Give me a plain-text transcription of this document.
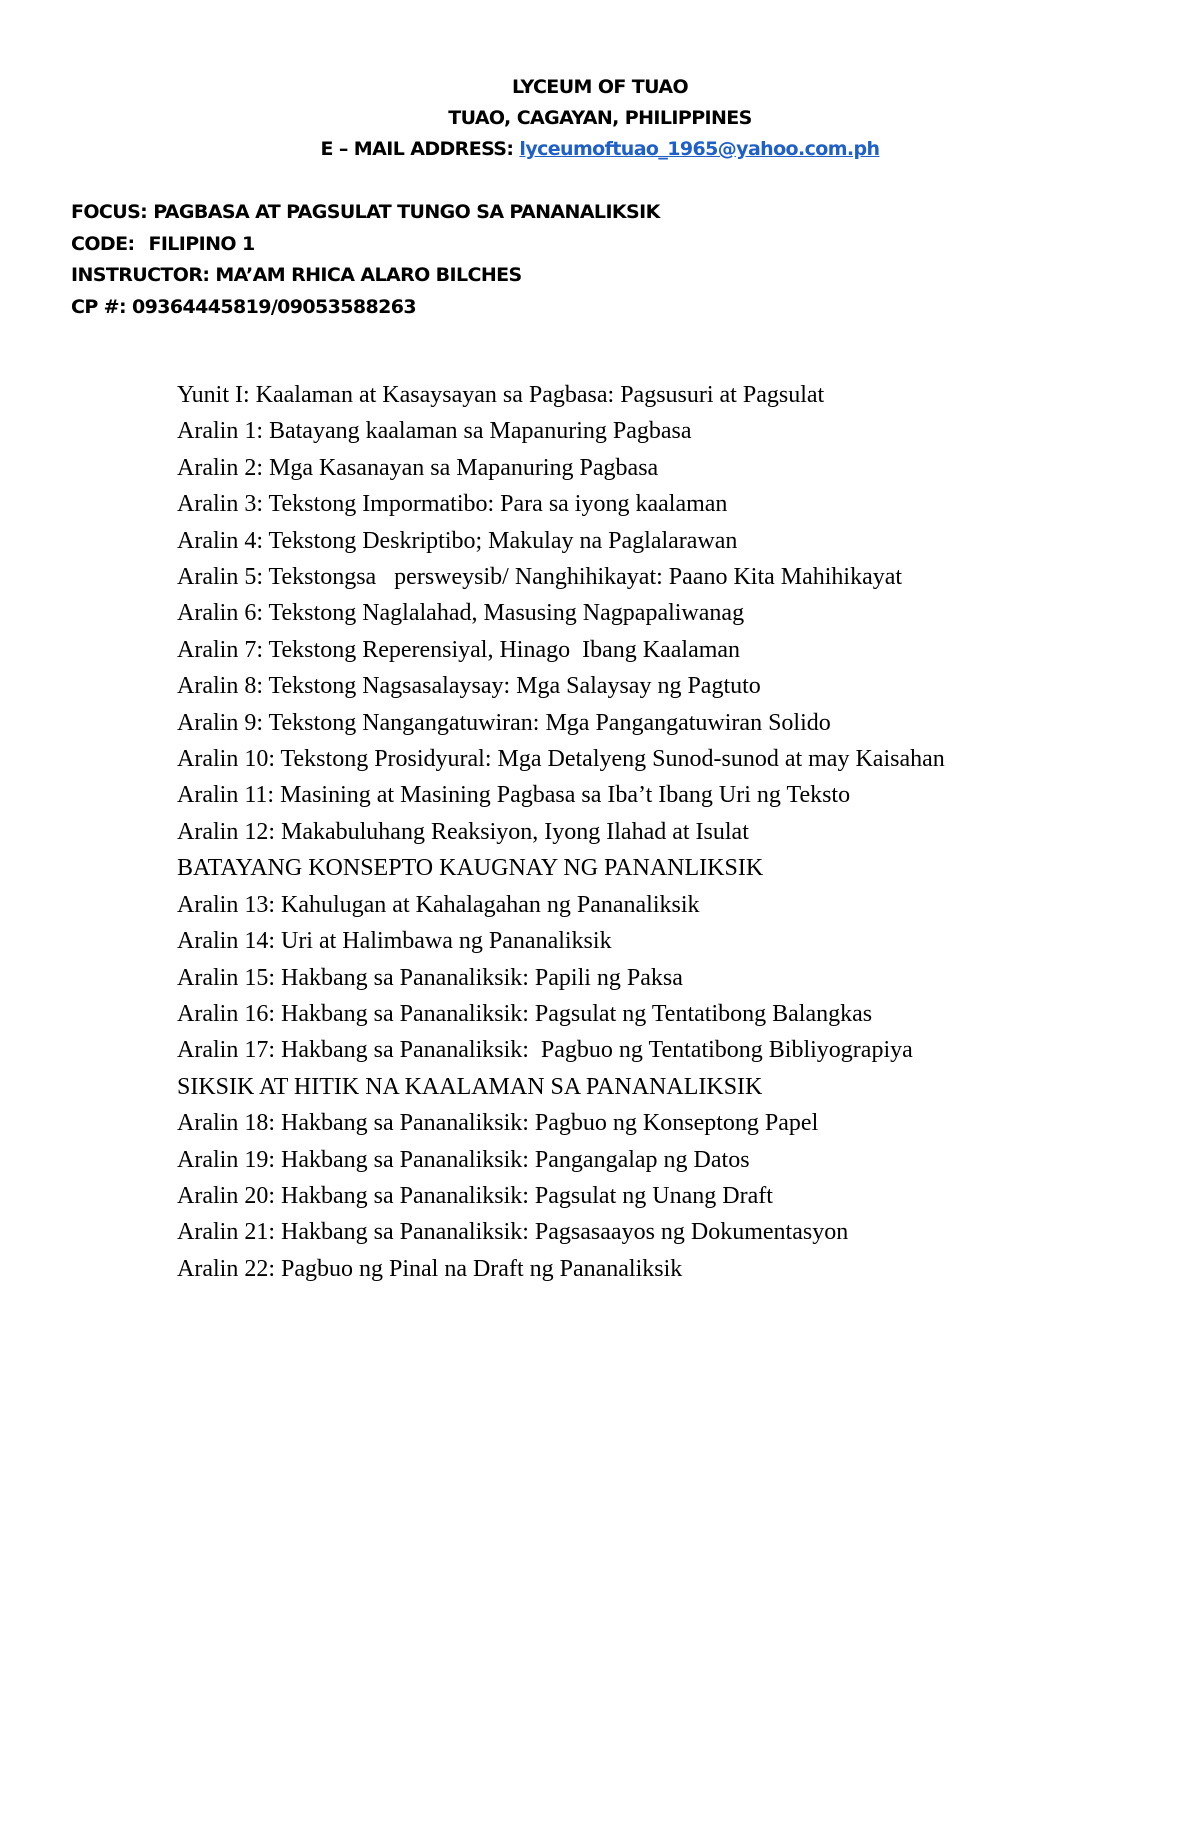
LYCEUM OF TUAO
TUAO, CAGAYAN, PHILIPPINES
E – MAIL ADDRESS: lyceumoftuao_1965@yahoo.com.ph
FOCUS: PAGBASA AT PAGSULAT TUNGO SA PANANALIKSIK
CODE: FILIPINO 1
INSTRUCTOR: MA’AM RHICA ALARO BILCHES
CP #: 09364445819/09053588263
Yunit I: Kaalaman at Kasaysayan sa Pagbasa: Pagsusuri at Pagsulat
Aralin 1: Batayang kaalaman sa Mapanuring Pagbasa
Aralin 2: Mga Kasanayan sa Mapanuring Pagbasa
Aralin 3: Tekstong Impormatibo: Para sa iyong kaalaman
Aralin 4: Tekstong Deskriptibo; Makulay na Paglalarawan
Aralin 5: Tekstongsa   persweysib/ Nanghihikayat: Paano Kita Mahihikayat
Aralin 6: Tekstong Naglalahad, Masusing Nagpapaliwanag
Aralin 7: Tekstong Reperensiyal, Hinago  Ibang Kaalaman
Aralin 8: Tekstong Nagsasalaysay: Mga Salaysay ng Pagtuto
Aralin 9: Tekstong Nangangatuwiran: Mga Pangangatuwiran Solido
Aralin 10: Tekstong Prosidyural: Mga Detalyeng Sunod-sunod at may Kaisahan
Aralin 11: Masining at Masining Pagbasa sa Iba’t Ibang Uri ng Teksto
Aralin 12: Makabuluhang Reaksiyon, Iyong Ilahad at Isulat
BATAYANG KONSEPTO KAUGNAY NG PANANLIKSIK
Aralin 13: Kahulugan at Kahalagahan ng Pananaliksik
Aralin 14: Uri at Halimbawa ng Pananaliksik
Aralin 15: Hakbang sa Pananaliksik: Papili ng Paksa
Aralin 16: Hakbang sa Pananaliksik: Pagsulat ng Tentatibong Balangkas
Aralin 17: Hakbang sa Pananaliksik:  Pagbuo ng Tentatibong Bibliyograpiya
SIKSIK AT HITIK NA KAALAMAN SA PANANALIKSIK
Aralin 18: Hakbang sa Pananaliksik: Pagbuo ng Konseptong Papel
Aralin 19: Hakbang sa Pananaliksik: Pangangalap ng Datos
Aralin 20: Hakbang sa Pananaliksik: Pagsulat ng Unang Draft
Aralin 21: Hakbang sa Pananaliksik: Pagsasaayos ng Dokumentasyon
Aralin 22: Pagbuo ng Pinal na Draft ng Pananaliksik
